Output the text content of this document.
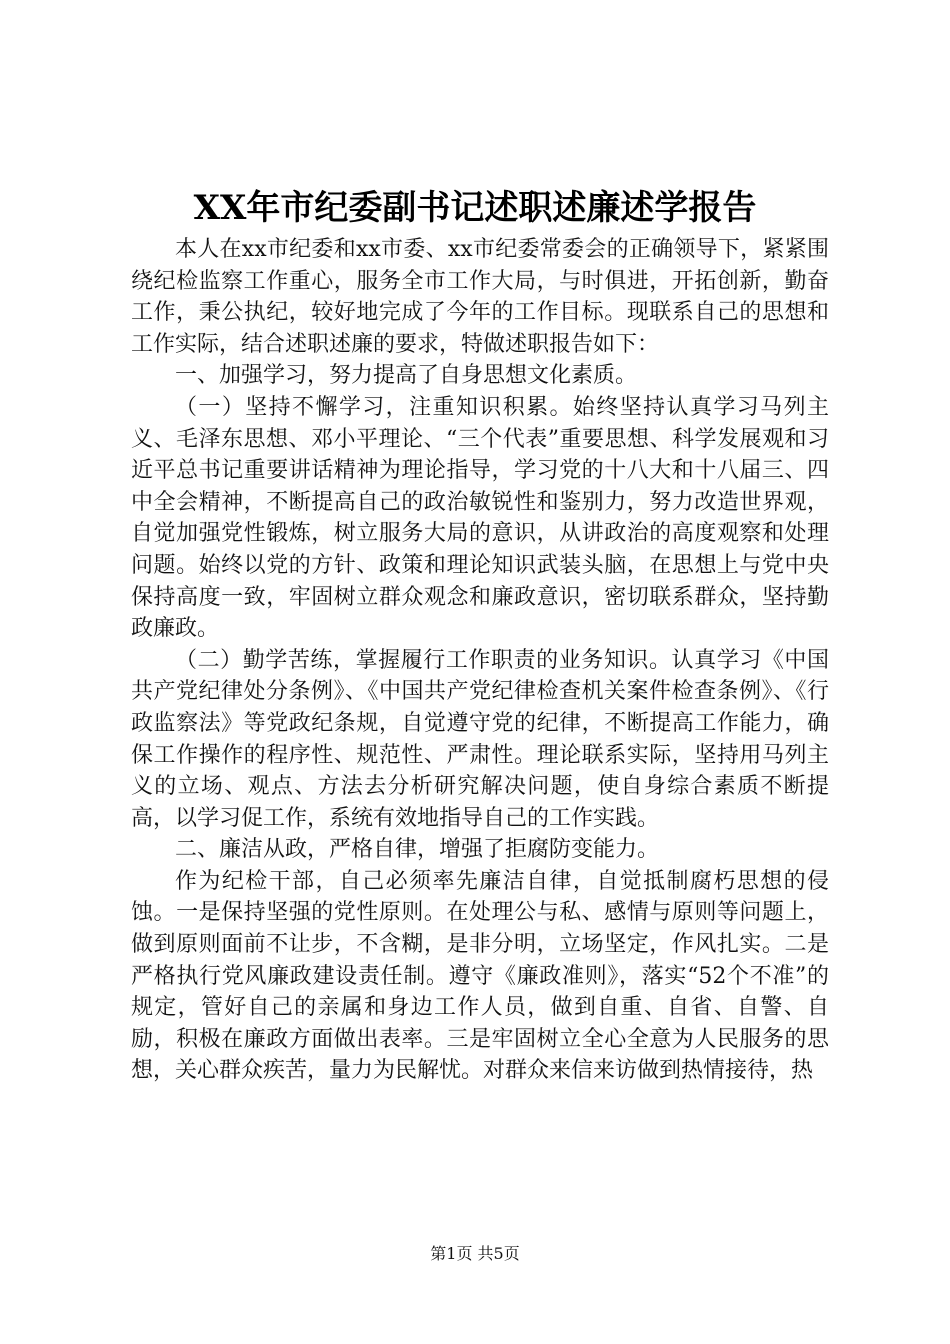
XX年市纪委副书记述职述廉述学报告

本人在xx市纪委和xx市委、xx市纪委常委会的正确领导下，紧紧围绕纪检监察工作重心，服务全市工作大局，与时俱进，开拓创新，勤奋工作，秉公执纪，较好地完成了今年的工作目标。现联系自己的思想和工作实际，结合述职述廉的要求，特做述职报告如下：

一、加强学习，努力提高了自身思想文化素质。

（一）坚持不懈学习，注重知识积累。始终坚持认真学习马列主义、毛泽东思想、邓小平理论、“三个代表”重要思想、科学发展观和习近平总书记重要讲话精神为理论指导，学习党的十八大和十八届三、四中全会精神，不断提高自己的政治敏锐性和鉴别力，努力改造世界观，自觉加强党性锻炼，树立服务大局的意识，从讲政治的高度观察和处理问题。始终以党的方针、政策和理论知识武装头脑，在思想上与党中央保持高度一致，牢固树立群众观念和廉政意识，密切联系群众，坚持勤政廉政。

（二）勤学苦练，掌握履行工作职责的业务知识。认真学习《中国共产党纪律处分条例》、《中国共产党纪律检查机关案件检查条例》、《行政监察法》等党政纪条规，自觉遵守党的纪律，不断提高工作能力，确保工作操作的程序性、规范性、严肃性。理论联系实际，坚持用马列主义的立场、观点、方法去分析研究解决问题，使自身综合素质不断提高，以学习促工作，系统有效地指导自己的工作实践。

二、廉洁从政，严格自律，增强了拒腐防变能力。

作为纪检干部，自己必须率先廉洁自律，自觉抵制腐朽思想的侵蚀。一是保持坚强的党性原则。在处理公与私、感情与原则等问题上，做到原则面前不让步，不含糊，是非分明，立场坚定，作风扎实。二是严格执行党风廉政建设责任制。遵守《廉政准则》，落实“52个不准”的规定，管好自己的亲属和身边工作人员，做到自重、自省、自警、自励，积极在廉政方面做出表率。三是牢固树立全心全意为人民服务的思想，关心群众疾苦，量力为民解忧。对群众来信来访做到热情接待，热

第1页 共5页
